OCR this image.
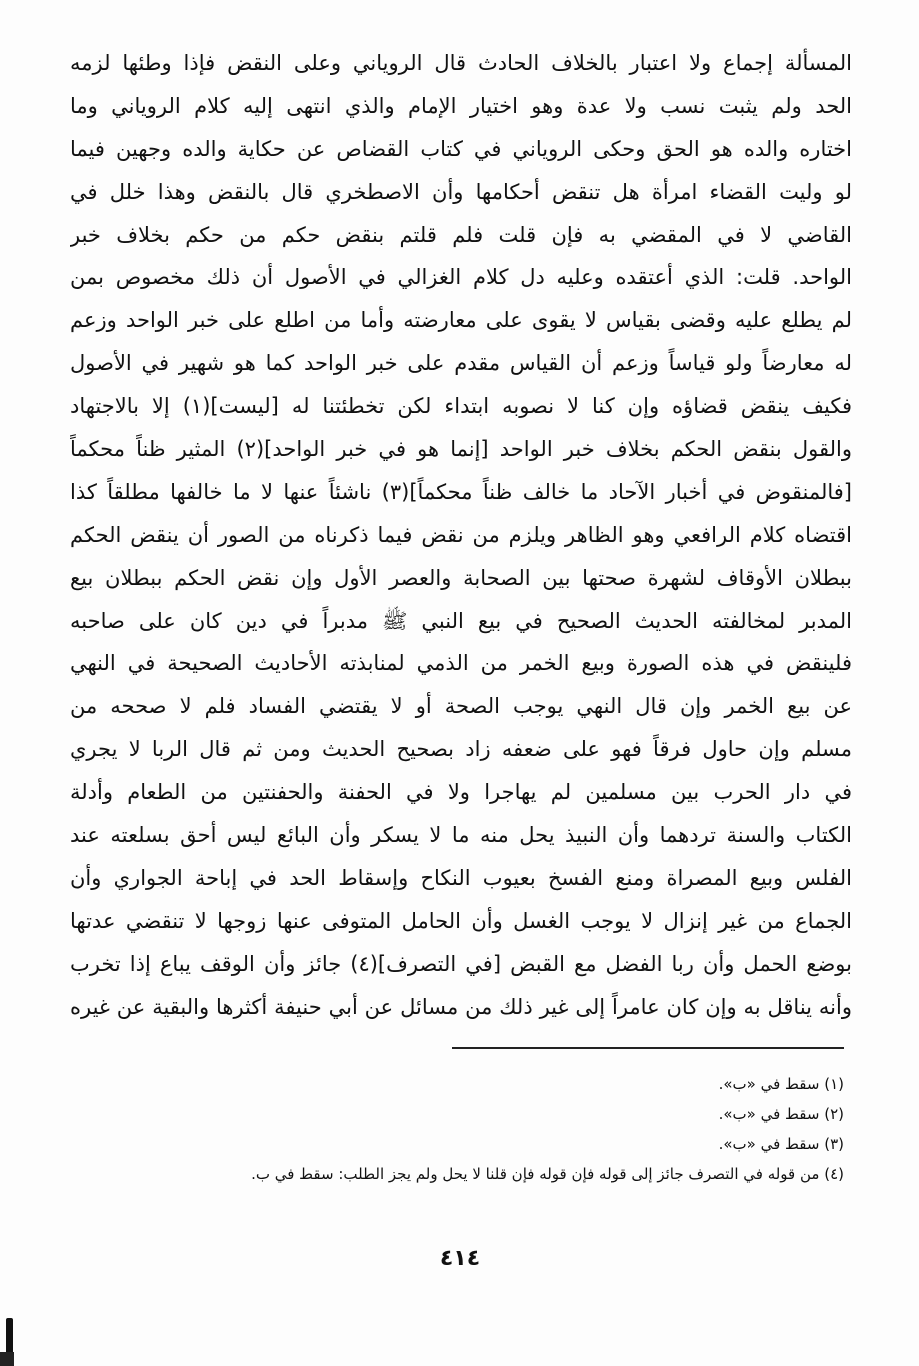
المسألة إجماع ولا اعتبار بالخلاف الحادث قال الروياني وعلى النقض فإذا وطئها لزمه
الحد ولم يثبت نسب ولا عدة وهو اختيار الإمام والذي انتهى إليه كلام الروياني وما
اختاره والده هو الحق وحكى الروياني في كتاب القضاص عن حكاية والده وجهين فيما
لو وليت القضاء امرأة هل تنقض أحكامها وأن الاصطخري قال بالنقض وهذا خلل في
القاضي لا في المقضي به فإن قلت فلم قلتم بنقض حكم من حكم بخلاف خبر
الواحد. قلت: الذي أعتقده وعليه دل كلام الغزالي في الأصول أن ذلك مخصوص بمن
لم يطلع عليه وقضى بقياس لا يقوى على معارضته وأما من اطلع على خبر الواحد وزعم
له معارضاً ولو قياساً وزعم أن القياس مقدم على خبر الواحد كما هو شهير في الأصول
فكيف ينقض قضاؤه وإن كنا لا نصوبه ابتداء لكن تخطئتنا له [ليست](١) إلا بالاجتهاد
والقول بنقض الحكم بخلاف خبر الواحد [إنما هو في خبر الواحد](٢) المثير ظناً محكماً
[فالمنقوض في أخبار الآحاد ما خالف ظناً محكماً](٣) ناشئاً عنها لا ما خالفها مطلقاً كذا
اقتضاه كلام الرافعي وهو الظاهر ويلزم من نقض فيما ذكرناه من الصور أن ينقض الحكم
ببطلان الأوقاف لشهرة صحتها بين الصحابة والعصر الأول وإن نقض الحكم ببطلان بيع
المدبر لمخالفته الحديث الصحيح في بيع النبي ﷺ مدبراً في دين كان على صاحبه
فلينقض في هذه الصورة وبيع الخمر من الذمي لمنابذته الأحاديث الصحيحة في النهي
عن بيع الخمر وإن قال النهي يوجب الصحة أو لا يقتضي الفساد فلم لا صححه من
مسلم وإن حاول فرقاً فهو على ضعفه زاد بصحيح الحديث ومن ثم قال الربا لا يجري
في دار الحرب بين مسلمين لم يهاجرا ولا في الحفنة والحفنتين من الطعام وأدلة
الكتاب والسنة تردهما وأن النبيذ يحل منه ما لا يسكر وأن البائع ليس أحق بسلعته عند
الفلس وبيع المصراة ومنع الفسخ بعيوب النكاح وإسقاط الحد في إباحة الجواري وأن
الجماع من غير إنزال لا يوجب الغسل وأن الحامل المتوفى عنها زوجها لا تنقضي عدتها
بوضع الحمل وأن ربا الفضل مع القبض [في التصرف](٤) جائز وأن الوقف يباع إذا تخرب
وأنه يناقل به وإن كان عامراً إلى غير ذلك من مسائل عن أبي حنيفة أكثرها والبقية عن غيره
(١) سقط في «ب».
(٢) سقط في «ب».
(٣) سقط في «ب».
(٤) من قوله في التصرف جائز إلى قوله فإن قوله فإن قلنا لا يحل ولم يجز الطلب: سقط في ب.
٤١٤
